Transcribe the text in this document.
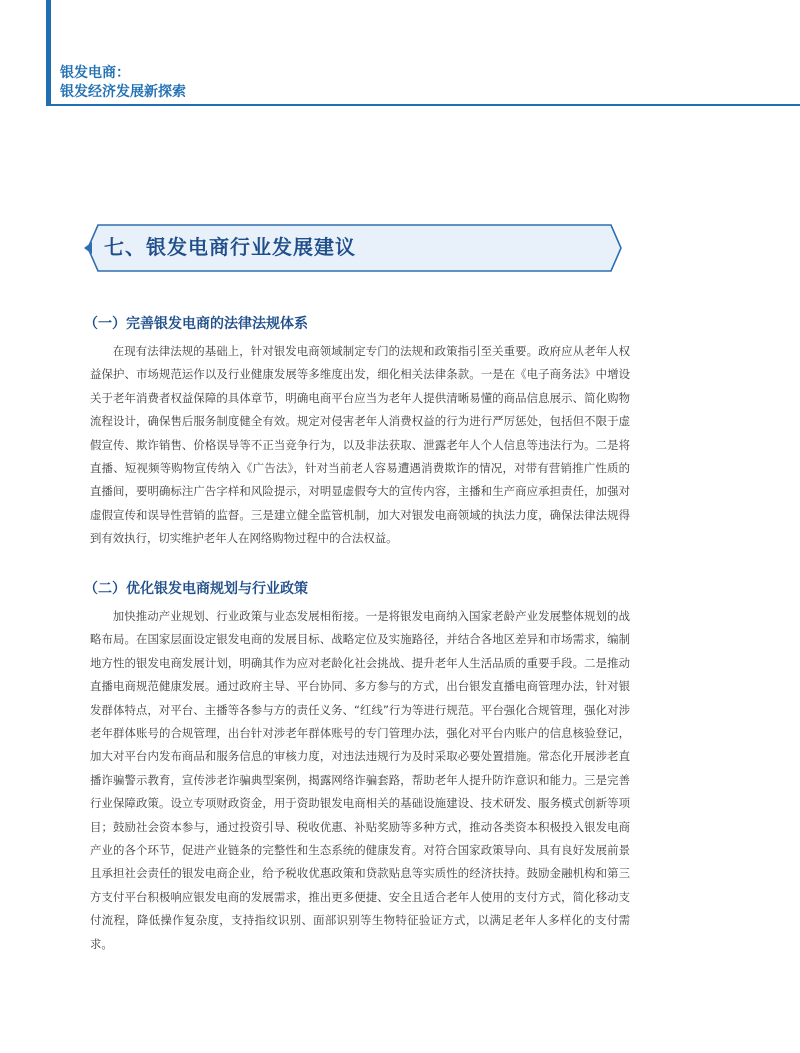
银发电商：
银发经济发展新探索
七、银发电商行业发展建议
（一）完善银发电商的法律法规体系

在现有法律法规的基础上，针对银发电商领域制定专门的法规和政策指引至关重要。政府应从老年人权益保护、市场规范运作以及行业健康发展等多维度出发，细化相关法律条款。一是在《电子商务法》中增设关于老年消费者权益保障的具体章节，明确电商平台应当为老年人提供清晰易懂的商品信息展示、简化购物流程设计，确保售后服务制度健全有效。规定对侵害老年人消费权益的行为进行严厉惩处，包括但不限于虚假宣传、欺诈销售、价格误导等不正当竞争行为，以及非法获取、泄露老年人个人信息等违法行为。二是将直播、短视频等购物宣传纳入《广告法》，针对当前老人容易遭遇消费欺诈的情况，对带有营销推广性质的直播间，要明确标注广告字样和风险提示，对明显虚假夸大的宣传内容，主播和生产商应承担责任，加强对虚假宣传和误导性营销的监督。三是建立健全监管机制，加大对银发电商领域的执法力度，确保法律法规得到有效执行，切实维护老年人在网络购物过程中的合法权益。

（二）优化银发电商规划与行业政策

加快推动产业规划、行业政策与业态发展相衔接。一是将银发电商纳入国家老龄产业发展整体规划的战略布局。在国家层面设定银发电商的发展目标、战略定位及实施路径，并结合各地区差异和市场需求，编制地方性的银发电商发展计划，明确其作为应对老龄化社会挑战、提升老年人生活品质的重要手段。二是推动直播电商规范健康发展。通过政府主导、平台协同、多方参与的方式，出台银发直播电商管理办法，针对银发群体特点，对平台、主播等各参与方的责任义务、“红线”行为等进行规范。平台强化合规管理，强化对涉老年群体账号的合规管理，出台针对涉老年群体账号的专门管理办法，强化对平台内账户的信息核验登记，加大对平台内发布商品和服务信息的审核力度，对违法违规行为及时采取必要处置措施。常态化开展涉老直播诈骗警示教育，宣传涉老诈骗典型案例，揭露网络诈骗套路，帮助老年人提升防诈意识和能力。三是完善行业保障政策。设立专项财政资金，用于资助银发电商相关的基础设施建设、技术研发、服务模式创新等项目；鼓励社会资本参与，通过投资引导、税收优惠、补贴奖励等多种方式，推动各类资本积极投入银发电商产业的各个环节，促进产业链条的完整性和生态系统的健康发育。对符合国家政策导向、具有良好发展前景且承担社会责任的银发电商企业，给予税收优惠政策和贷款贴息等实质性的经济扶持。鼓励金融机构和第三方支付平台积极响应银发电商的发展需求，推出更多便捷、安全且适合老年人使用的支付方式，简化移动支付流程，降低操作复杂度，支持指纹识别、面部识别等生物特征验证方式，以满足老年人多样化的支付需求。
